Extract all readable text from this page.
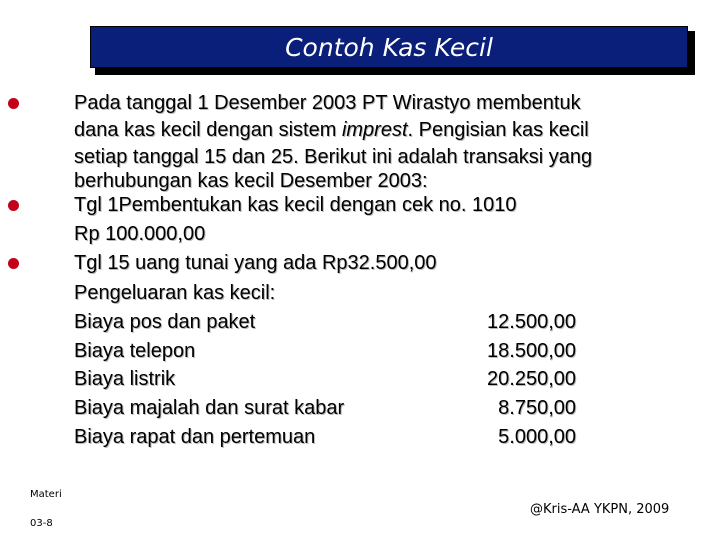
Contoh Kas Kecil
Pada tanggal 1 Desember 2003 PT Wirastyo membentuk
dana kas kecil dengan sistem imprest. Pengisian kas kecil
setiap tanggal 15 dan 25. Berikut ini adalah transaksi yang
berhubungan kas kecil Desember 2003:
Tgl 1Pembentukan kas kecil dengan cek no. 1010
Rp 100.000,00
Tgl 15 uang tunai yang ada Rp32.500,00
Pengeluaran kas kecil:
Biaya pos dan paket	12.500,00
Biaya telepon	18.500,00
Biaya listrik	20.250,00
Biaya majalah dan surat kabar	8.750,00
Biaya rapat dan pertemuan	5.000,00
Materi
03-8
@Kris-AA YKPN, 2009
